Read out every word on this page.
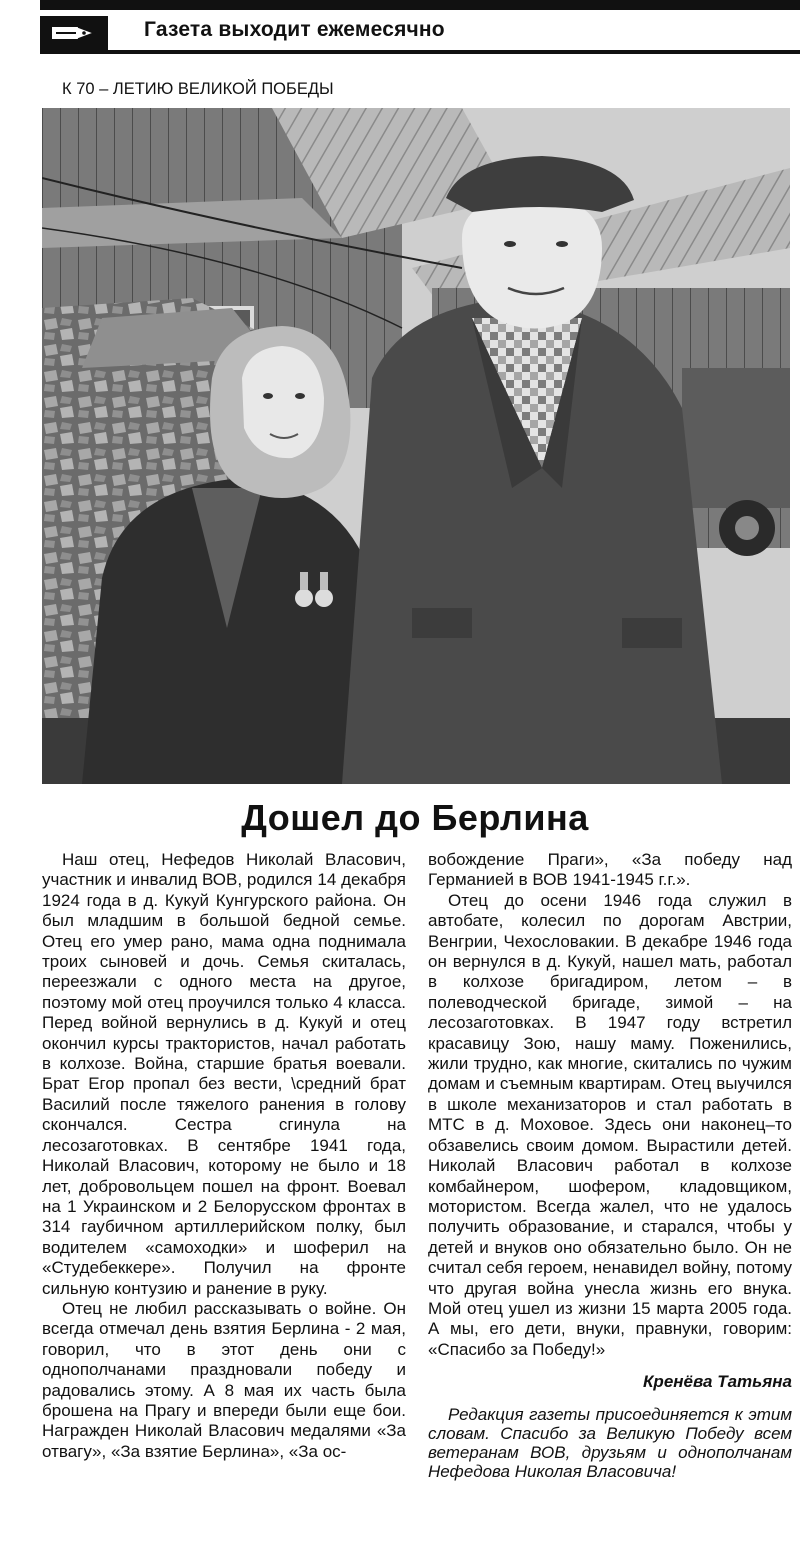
Газета выходит ежемесячно
К 70 – ЛЕТИЮ ВЕЛИКОЙ ПОБЕДЫ
Дошел до Берлина

Наш отец, Нефедов Николай Власович, участник и инвалид ВОВ, родился 14 декабря 1924 года в д. Кукуй Кунгурского района. Он был младшим в большой бедной семье. Отец его умер рано, мама одна поднимала троих сыновей и дочь. Семья скиталась, переезжали с одного места на другое, поэтому мой отец проучился только 4 класса. Перед войной вернулись в д. Кукуй и отец окончил курсы трактористов, начал работать в колхозе. Война, старшие братья воевали. Брат Егор пропал без вести, \средний брат Василий после тяжелого ранения в голову скончался. Сестра сгинула на лесозаготовках. В сентябре 1941 года, Николай Власович, которому не было и 18 лет, добровольцем пошел на фронт. Воевал на 1 Украинском и 2 Белорусском фронтах в 314 гаубичном артиллерийском полку, был водителем «самоходки» и шоферил на «Студебеккере». Получил на фронте сильную контузию и ранение в руку.

Отец не любил рассказывать о войне. Он всегда отмечал день взятия Берлина - 2 мая, говорил, что в этот день они с однополчанами праздновали победу и радовались этому. А 8 мая их часть была брошена на Прагу и впереди были еще бои. Награжден Николай Власович медалями «За отвагу», «За взятие Берлина», «За ос-

вобождение Праги», «За победу над Германией в ВОВ 1941-1945 г.г.».

Отец до осени 1946 года служил в автобате, колесил по дорогам Австрии, Венгрии, Чехословакии. В декабре 1946 года он вернулся в д. Кукуй, нашел мать, работал в колхозе бригадиром, летом – в полеводческой бригаде, зимой – на лесозаготовках. В 1947 году встретил красавицу Зою, нашу маму. Поженились, жили трудно, как многие, скитались по чужим домам и съемным квартирам. Отец выучился в школе механизаторов и стал работать в МТС в д. Моховое. Здесь они наконец–то обзавелись своим домом. Вырастили детей. Николай Власович работал в колхозе комбайнером, шофером, кладовщиком, мотористом. Всегда жалел, что не удалось получить образование, и старался, чтобы у детей и внуков оно обязательно было. Он не считал себя героем, ненавидел войну, потому что другая война унесла жизнь его внука. Мой отец ушел из жизни 15 марта 2005 года. А мы, его дети, внуки, правнуки, говорим: «Спасибо за Победу!»

Кренёва Татьяна

Редакция газеты присоединяется к этим словам. Спасибо за Великую Победу всем ветеранам ВОВ, друзьям и однополчанам Нефедова Николая Власовича!
